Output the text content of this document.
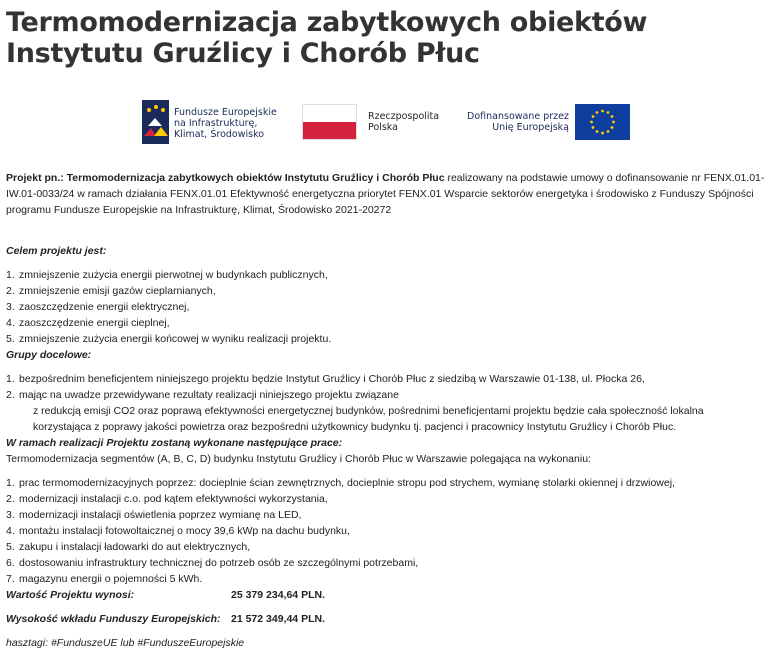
Termomodernizacja zabytkowych obiektów Instytutu Gruźlicy i Chorób Płuc
Fundusze Europejskie
na Infrastrukturę,
Klimat, Środowisko
Rzeczpospolita
Polska
Dofinansowane przez
Unię Europejską

Projekt pn.: Termomodernizacja zabytkowych obiektów Instytutu Gruźlicy i Chorób Płuc realizowany na podstawie umowy o dofinansowanie nr FENX.01.01-IW.01-0033/24 w ramach działania FENX.01.01 Efektywność energetyczna priorytet FENX.01 Wsparcie sektorów energetyka i środowisko z Funduszy Spójności programu Fundusze Europejskie na Infrastrukturę, Klimat, Środowisko 2021-20272

Celem projektu jest:
1. zmniejszenie zużycia energii pierwotnej w budynkach publicznych,
2. zmniejszenie emisji gazów cieplarnianych,
3. zaoszczędzenie energii elektrycznej,
4. zaoszczędzenie energii cieplnej,
5. zmniejszenie zużycia energii końcowej w wyniku realizacji projektu.
Grupy docelowe:
1. bezpośrednim beneficjentem niniejszego projektu będzie Instytut Gruźlicy i Chorób Płuc z siedzibą w Warszawie 01-138, ul. Płocka 26,
2. mając na uwadze przewidywane rezultaty realizacji niniejszego projektu związane
z redukcją emisji CO2 oraz poprawą efektywności energetycznej budynków, pośrednimi beneficjentami projektu będzie cała społeczność lokalna
korzystająca z poprawy jakości powietrza oraz bezpośredni użytkownicy budynku tj. pacjenci i pracownicy Instytutu Gruźlicy i Chorób Płuc.
W ramach realizacji Projektu zostaną wykonane następujące prace:
Termomodernizacja segmentów (A, B, C, D) budynku Instytutu Gruźlicy i Chorób Płuc w Warszawie polegająca na wykonaniu:
1. prac termomodernizacyjnych poprzez: docieplnie ścian zewnętrznych, docieplnie stropu pod strychem, wymianę stolarki okiennej i drzwiowej,
2. modernizacji instalacji c.o. pod kątem efektywności wykorzystania,
3. modernizacji instalacji oświetlenia poprzez wymianę na LED,
4. montażu instalacji fotowoltaicznej o mocy 39,6 kWp na dachu budynku,
5. zakupu i instalacji ładowarki do aut elektrycznych,
6. dostosowaniu infrastruktury technicznej do potrzeb osób ze szczególnymi potrzebami,
7. magazynu energii o pojemności 5 kWh.
Wartość Projektu wynosi:	25 379 234,64 PLN.
Wysokość wkładu Funduszy Europejskich: 21 572 349,44 PLN.
hasztagi: #FunduszeUE lub #FunduszeEuropejskie
